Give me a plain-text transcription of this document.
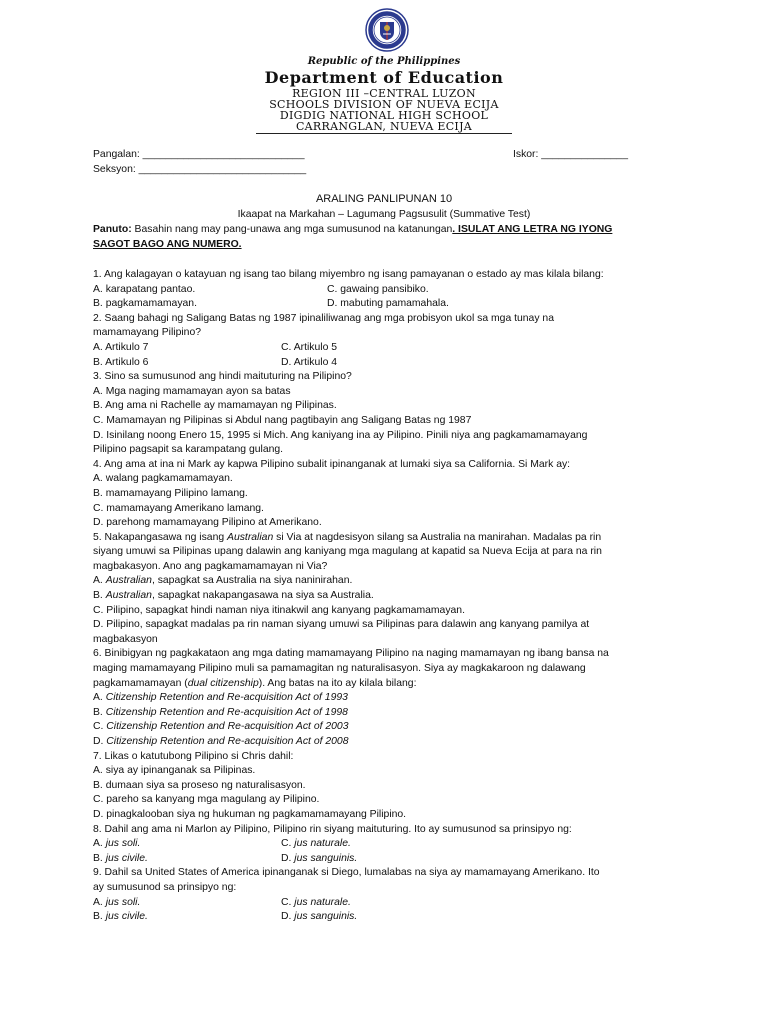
Republic of the Philippines
Department of Education
REGION III –CENTRAL LUZON
SCHOOLS DIVISION OF NUEVA ECIJA
DIGDIG NATIONAL HIGH SCHOOL
CARRANGLAN, NUEVA ECIJA
Pangalan: ____________________________	Iskor: _______________
Seksyon: _____________________________
ARALING PANLIPUNAN 10
Ikaapat na Markahan – Lagumang Pagsusulit (Summative Test)
Panuto: Basahin nang may pang-unawa ang mga sumusunod na katanungan. ISULAT ANG LETRA NG IYONG
SAGOT BAGO ANG NUMERO.
1. Ang kalagayan o katayuan ng isang tao bilang miyembro ng isang pamayanan o estado ay mas kilala bilang:
A. karapatang pantao.	C. gawaing pansibiko.
B. pagkamamamayan.	D. mabuting pamamahala.
2. Saang bahagi ng Saligang Batas ng 1987 ipinaliliwanag ang mga probisyon ukol sa mga tunay na
mamamayang Pilipino?
A. Artikulo 7	C. Artikulo 5
B. Artikulo 6	D. Artikulo 4
3. Sino sa sumusunod ang hindi maituturing na Pilipino?
A. Mga naging mamamayan ayon sa batas
B. Ang ama ni Rachelle ay mamamayan ng Pilipinas.
C. Mamamayan ng Pilipinas si Abdul nang pagtibayin ang Saligang Batas ng 1987
D. Isinilang noong Enero 15, 1995 si Mich. Ang kaniyang ina ay Pilipino. Pinili niya ang pagkamamamayang
Pilipino pagsapit sa karampatang gulang.
4. Ang ama at ina ni Mark ay kapwa Pilipino subalit ipinanganak at lumaki siya sa California. Si Mark ay:
A. walang pagkamamamayan.
B. mamamayang Pilipino lamang.
C. mamamayang Amerikano lamang.
D. parehong mamamayang Pilipino at Amerikano.
5. Nakapangasawa ng isang Australian si Via at nagdesisyon silang sa Australia na manirahan. Madalas pa rin
siyang umuwi sa Pilipinas upang dalawin ang kaniyang mga magulang at kapatid sa Nueva Ecija at para na rin
magbakasyon. Ano ang pagkamamamayan ni Via?
A. Australian, sapagkat sa Australia na siya naninirahan.
B. Australian, sapagkat nakapangasawa na siya sa Australia.
C. Pilipino, sapagkat hindi naman niya itinakwil ang kanyang pagkamamamayan.
D. Pilipino, sapagkat madalas pa rin naman siyang umuwi sa Pilipinas para dalawin ang kanyang pamilya at
magbakasyon
6. Binibigyan ng pagkakataon ang mga dating mamamayang Pilipino na naging mamamayan ng ibang bansa na
maging mamamayang Pilipino muli sa pamamagitan ng naturalisasyon. Siya ay magkakaroon ng dalawang
pagkamamamayan (dual citizenship). Ang batas na ito ay kilala bilang:
A. Citizenship Retention and Re-acquisition Act of 1993
B. Citizenship Retention and Re-acquisition Act of 1998
C. Citizenship Retention and Re-acquisition Act of 2003
D. Citizenship Retention and Re-acquisition Act of 2008
7. Likas o katutubong Pilipino si Chris dahil:
A. siya ay ipinanganak sa Pilipinas.
B. dumaan siya sa proseso ng naturalisasyon.
C. pareho sa kanyang mga magulang ay Pilipino.
D. pinagkalooban siya ng hukuman ng pagkamamamayang Pilipino.
8. Dahil ang ama ni Marlon ay Pilipino, Pilipino rin siyang maituturing. Ito ay sumusunod sa prinsipyo ng:
A. jus soli.	C. jus naturale.
B. jus civile.	D. jus sanguinis.
9. Dahil sa United States of America ipinanganak si Diego, lumalabas na siya ay mamamayang Amerikano. Ito
ay sumusunod sa prinsipyo ng:
A. jus soli.	C. jus naturale.
B. jus civile.	D. jus sanguinis.
